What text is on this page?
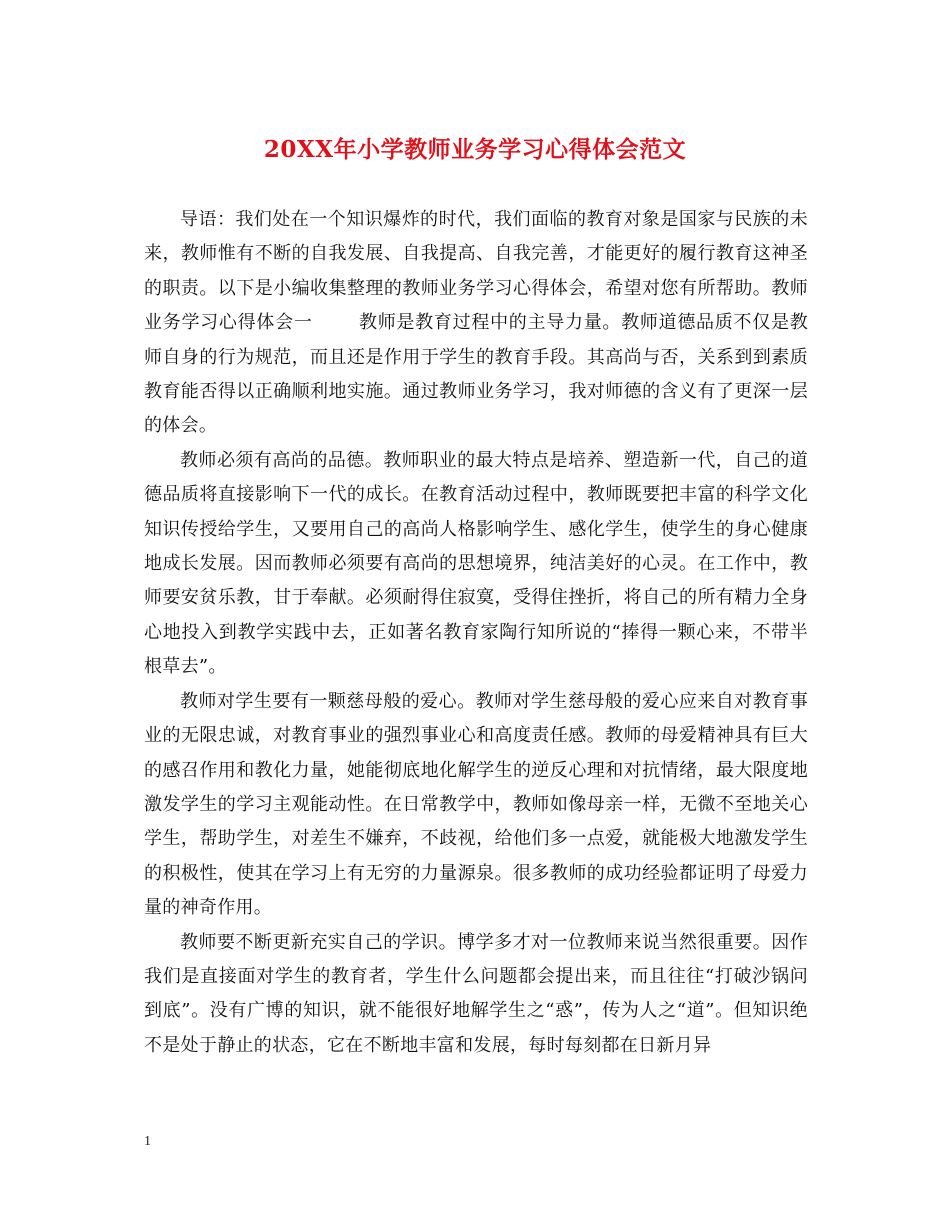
20XX年小学教师业务学习心得体会范文

导语：我们处在一个知识爆炸的时代，我们面临的教育对象是国家与民族的未来，教师惟有不断的自我发展、自我提高、自我完善，才能更好的履行教育这神圣的职责。以下是小编收集整理的教师业务学习心得体会，希望对您有所帮助。教师业务学习心得体会一	教师是教育过程中的主导力量。教师道德品质不仅是教师自身的行为规范，而且还是作用于学生的教育手段。其高尚与否，关系到到素质教育能否得以正确顺利地实施。通过教师业务学习，我对师德的含义有了更深一层的体会。

教师必须有高尚的品德。教师职业的最大特点是培养、塑造新一代，自己的道德品质将直接影响下一代的成长。在教育活动过程中，教师既要把丰富的科学文化知识传授给学生，又要用自己的高尚人格影响学生、感化学生，使学生的身心健康地成长发展。因而教师必须要有高尚的思想境界，纯洁美好的心灵。在工作中，教师要安贫乐教，甘于奉献。必须耐得住寂寞，受得住挫折，将自己的所有精力全身心地投入到教学实践中去，正如著名教育家陶行知所说的“捧得一颗心来，不带半根草去”。

教师对学生要有一颗慈母般的爱心。教师对学生慈母般的爱心应来自对教育事业的无限忠诚，对教育事业的强烈事业心和高度责任感。教师的母爱精神具有巨大的感召作用和教化力量，她能彻底地化解学生的逆反心理和对抗情绪，最大限度地激发学生的学习主观能动性。在日常教学中，教师如像母亲一样，无微不至地关心学生，帮助学生，对差生不嫌弃，不歧视，给他们多一点爱，就能极大地激发学生的积极性，使其在学习上有无穷的力量源泉。很多教师的成功经验都证明了母爱力量的神奇作用。

教师要不断更新充实自己的学识。博学多才对一位教师来说当然很重要。因作我们是直接面对学生的教育者，学生什么问题都会提出来，而且往往“打破沙锅问到底”。没有广博的知识，就不能很好地解学生之“惑”，传为人之“道”。但知识绝不是处于静止的状态，它在不断地丰富和发展，每时每刻都在日新月异

1
